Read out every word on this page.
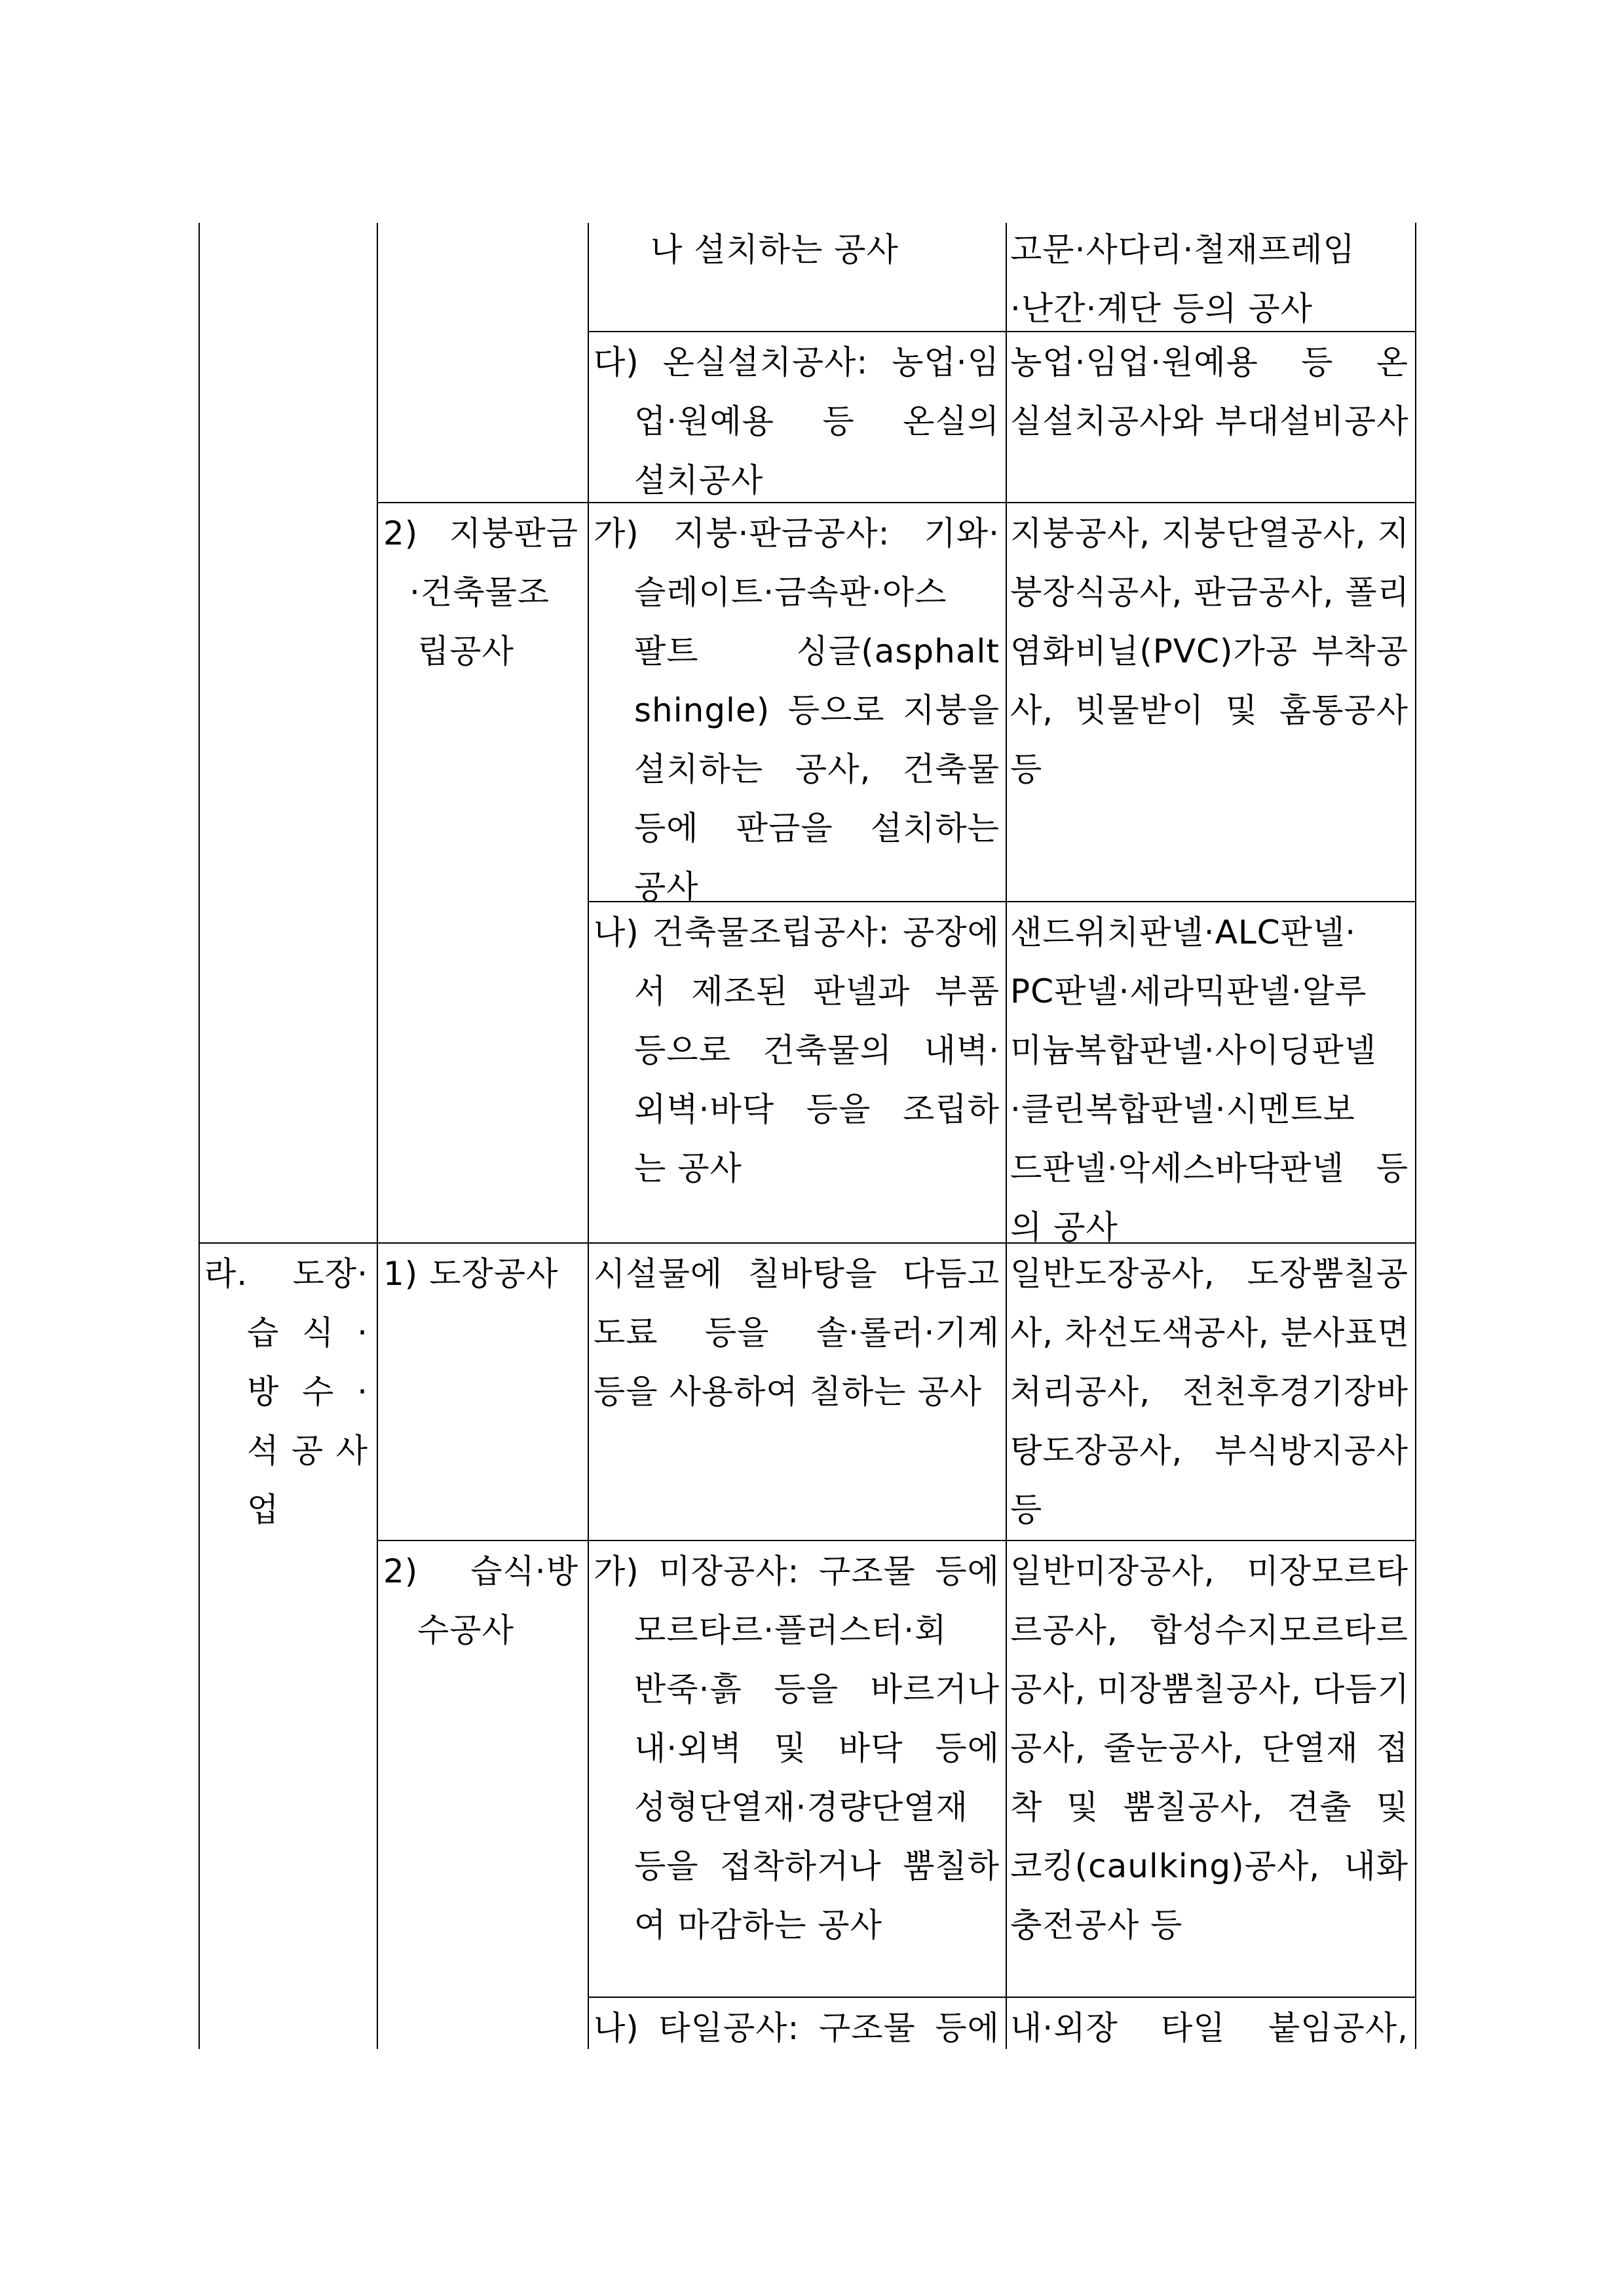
나 설치하는 공사	고문·사다리·철재프레임

·난간·계단 등의 공사

다) 온실설치공사: 농업·임

업·원예용 등 온실의

설치공사

농업·임업·원예용 등 온

실설치공사와 부대설비공사

2) 지붕판금

·건축물조

립공사

가) 지붕·판금공사: 기와·

슬레이트·금속판·아스

팔트 싱글(asphalt

shingle) 등으로 지붕을

설치하는 공사, 건축물

등에 판금을 설치하는

공사

지붕공사, 지붕단열공사, 지

붕장식공사, 판금공사, 폴리

염화비닐(PVC)가공 부착공

사, 빗물받이 및 홈통공사

등

나) 건축물조립공사: 공장에

서 제조된 판넬과 부품

등으로 건축물의 내벽·

외벽·바닥 등을 조립하

는 공사

샌드위치판넬·ALC판넬·

PC판넬·세라믹판넬·알루

미늄복합판넬·사이딩판넬

·클린복합판넬·시멘트보

드판넬·악세스바닥판넬 등

의 공사

라. 도장·

습 식 ·

방 수 ·

석 공 사

업

1) 도장공사	시설물에 칠바탕을 다듬고

도료 등을 솔·롤러·기계

등을 사용하여 칠하는 공사

일반도장공사, 도장뿜칠공

사, 차선도색공사, 분사표면

처리공사, 전천후경기장바

탕도장공사, 부식방지공사

등

2) 습식·방

수공사

가) 미장공사: 구조물 등에

모르타르·플러스터·회

반죽·흙 등을 바르거나

내·외벽 및 바닥 등에

성형단열재·경량단열재

등을 접착하거나 뿜칠하

여 마감하는 공사

일반미장공사, 미장모르타

르공사, 합성수지모르타르

공사, 미장뿜칠공사, 다듬기

공사, 줄눈공사, 단열재 접

착 및 뿜칠공사, 견출 및

코킹(caulking)공사, 내화

충전공사 등

나) 타일공사: 구조물 등에 내·외장 타일 붙임공사,
